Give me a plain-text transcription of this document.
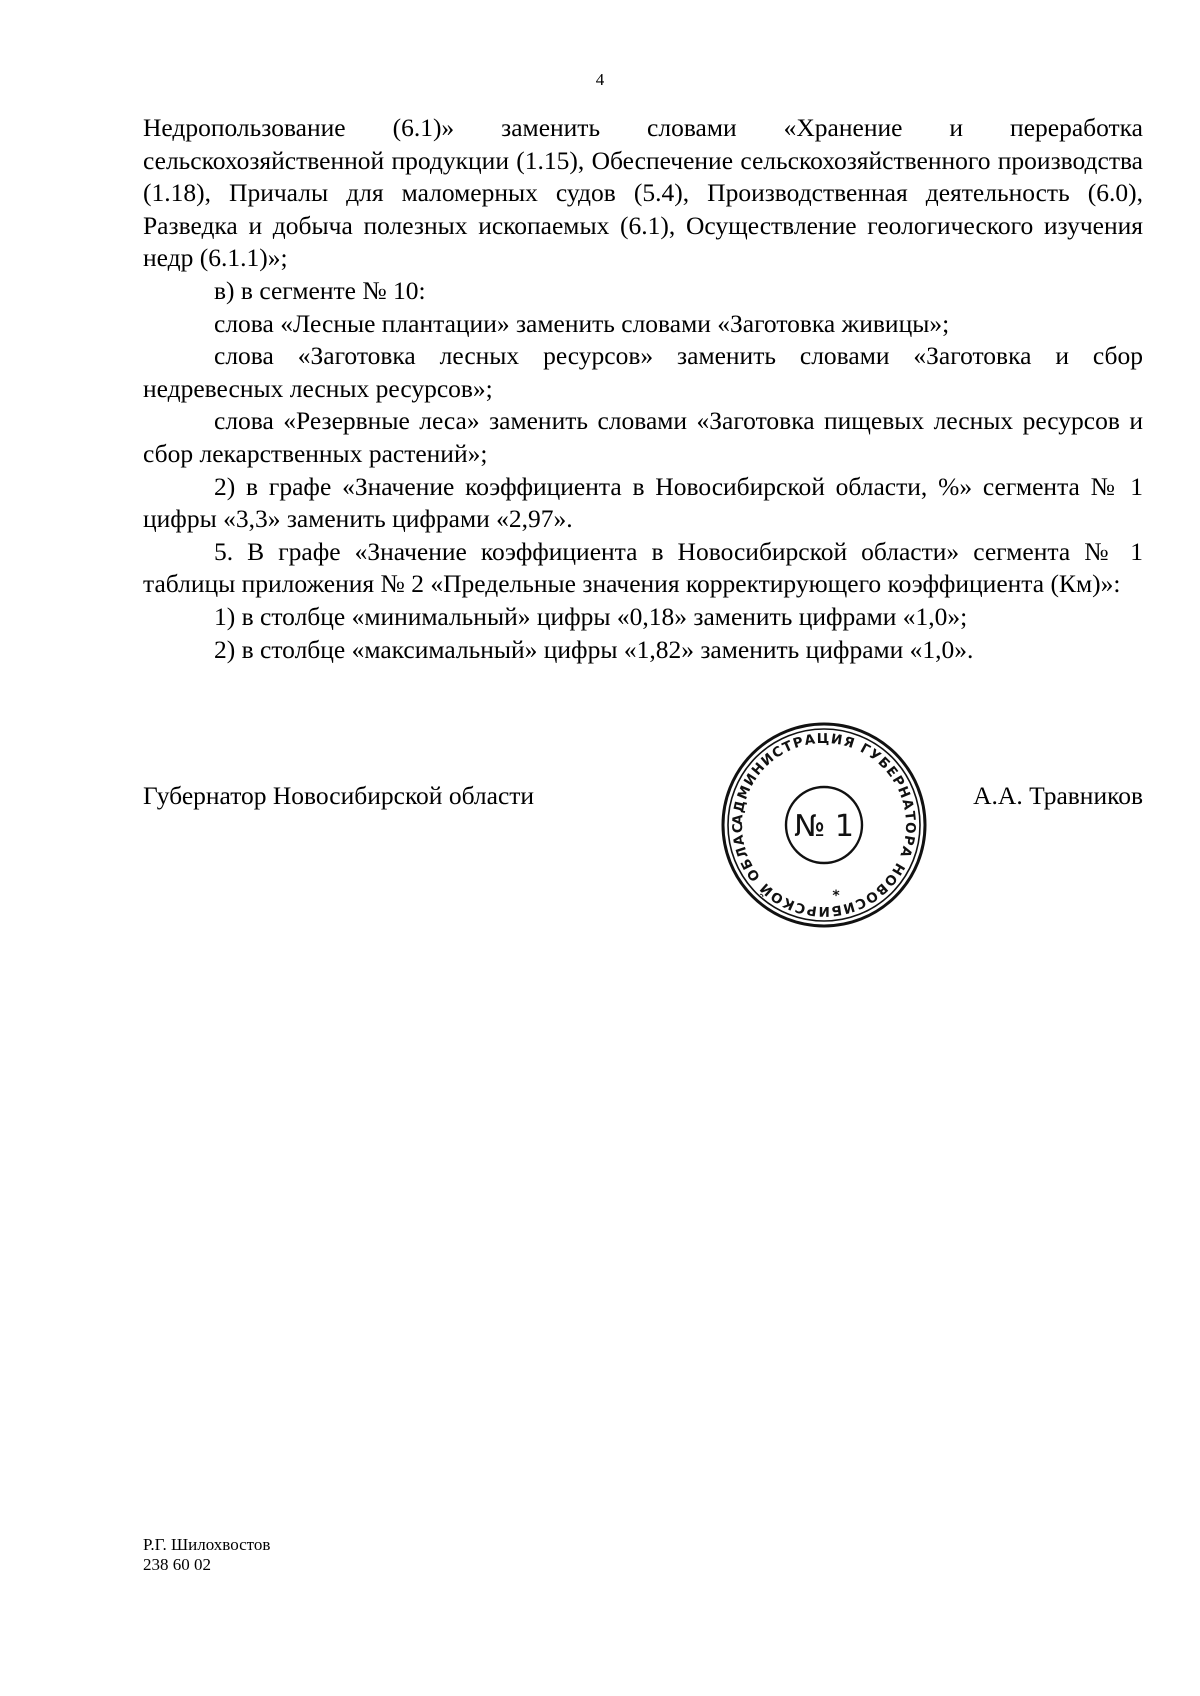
4

Недропользование (6.1)» заменить словами «Хранение и переработка сельскохозяйственной продукции (1.15), Обеспечение сельскохозяйственного производства (1.18), Причалы для маломерных судов (5.4), Производственная деятельность (6.0), Разведка и добыча полезных ископаемых (6.1), Осуществление геологического изучения недр (6.1.1)»;

в) в сегменте № 10:

слова «Лесные плантации» заменить словами «Заготовка живицы»;

слова «Заготовка лесных ресурсов» заменить словами «Заготовка и сбор недревесных лесных ресурсов»;

слова «Резервные леса» заменить словами «Заготовка пищевых лесных ресурсов и сбор лекарственных растений»;

2) в графе «Значение коэффициента в Новосибирской области, %» сегмента № 1 цифры «3,3» заменить цифрами «2,97».

5. В графе «Значение коэффициента в Новосибирской области» сегмента № 1 таблицы приложения № 2 «Предельные значения корректирующего коэффициента (Км)»:

1) в столбце «минимальный» цифры «0,18» заменить цифрами «1,0»;

2) в столбце «максимальный» цифры «1,82» заменить цифрами «1,0».

Губернатор Новосибирской области	А.А. Травников
АДМИНИСТРАЦИЯ ГУБЕРНАТОРА НОВОСИБИРСКОЙ ОБЛАС	№ 1
*
Р.Г. Шилохвостов
238 60 02
